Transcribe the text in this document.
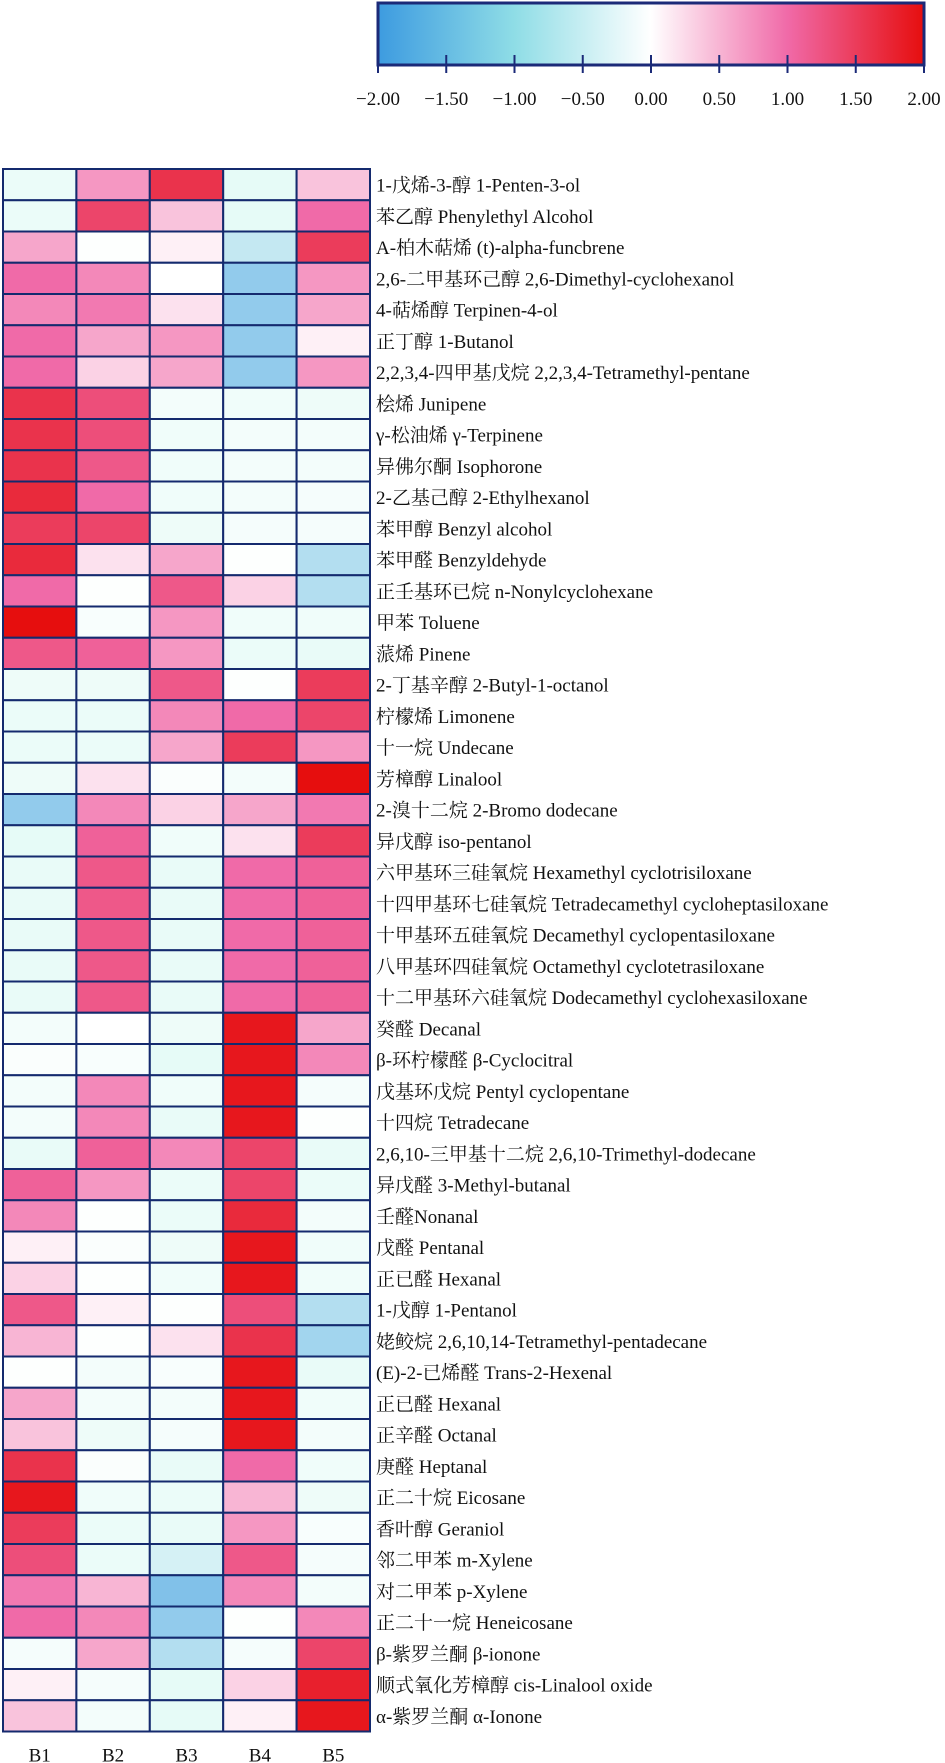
−2.00 −1.50 −1.00 −0.50 0.00 0.50 1.00 1.50 2.00
1-戊烯-3-醇 1-Penten-3-ol
苯乙醇 Phenylethyl Alcohol
A-柏木萜烯 (t)-alpha-funcbrene
2,6-二甲基环己醇 2,6-Dimethyl-cyclohexanol
4-萜烯醇 Terpinen-4-ol
正丁醇 1-Butanol
2,2,3,4-四甲基戊烷 2,2,3,4-Tetramethyl-pentane
桧烯 Junipene
γ-松油烯 γ-Terpinene
异佛尔酮 Isophorone
2-乙基己醇 2-Ethylhexanol
苯甲醇 Benzyl alcohol
苯甲醛 Benzyldehyde
正壬基环已烷 n-Nonylcyclohexane
甲苯 Toluene
蒎烯 Pinene
2-丁基辛醇 2-Butyl-1-octanol
柠檬烯 Limonene
十一烷 Undecane
芳樟醇 Linalool
2-溴十二烷 2-Bromo dodecane
异戊醇 iso-pentanol
六甲基环三硅氧烷 Hexamethyl cyclotrisiloxane
十四甲基环七硅氧烷 Tetradecamethyl cycloheptasiloxane
十甲基环五硅氧烷 Decamethyl cyclopentasiloxane
八甲基环四硅氧烷 Octamethyl cyclotetrasiloxane
十二甲基环六硅氧烷 Dodecamethyl cyclohexasiloxane
癸醛 Decanal
β-环柠檬醛 β-Cyclocitral
戊基环戊烷 Pentyl cyclopentane
十四烷 Tetradecane
2,6,10-三甲基十二烷 2,6,10-Trimethyl-dodecane
异戊醛 3-Methyl-butanal
壬醛Nonanal
戊醛 Pentanal
正已醛 Hexanal
1-戊醇 1-Pentanol
姥鲛烷 2,6,10,14-Tetramethyl-pentadecane
(E)-2-已烯醛 Trans-2-Hexenal
正已醛 Hexanal
正辛醛 Octanal
庚醛 Heptanal
正二十烷 Eicosane
香叶醇 Geraniol
邻二甲苯 m-Xylene
对二甲苯 p-Xylene
正二十一烷 Heneicosane
β-紫罗兰酮 β-ionone
顺式氧化芳樟醇 cis-Linalool oxide
α-紫罗兰酮 α-Ionone
B1	B2	B3	B4	B5
